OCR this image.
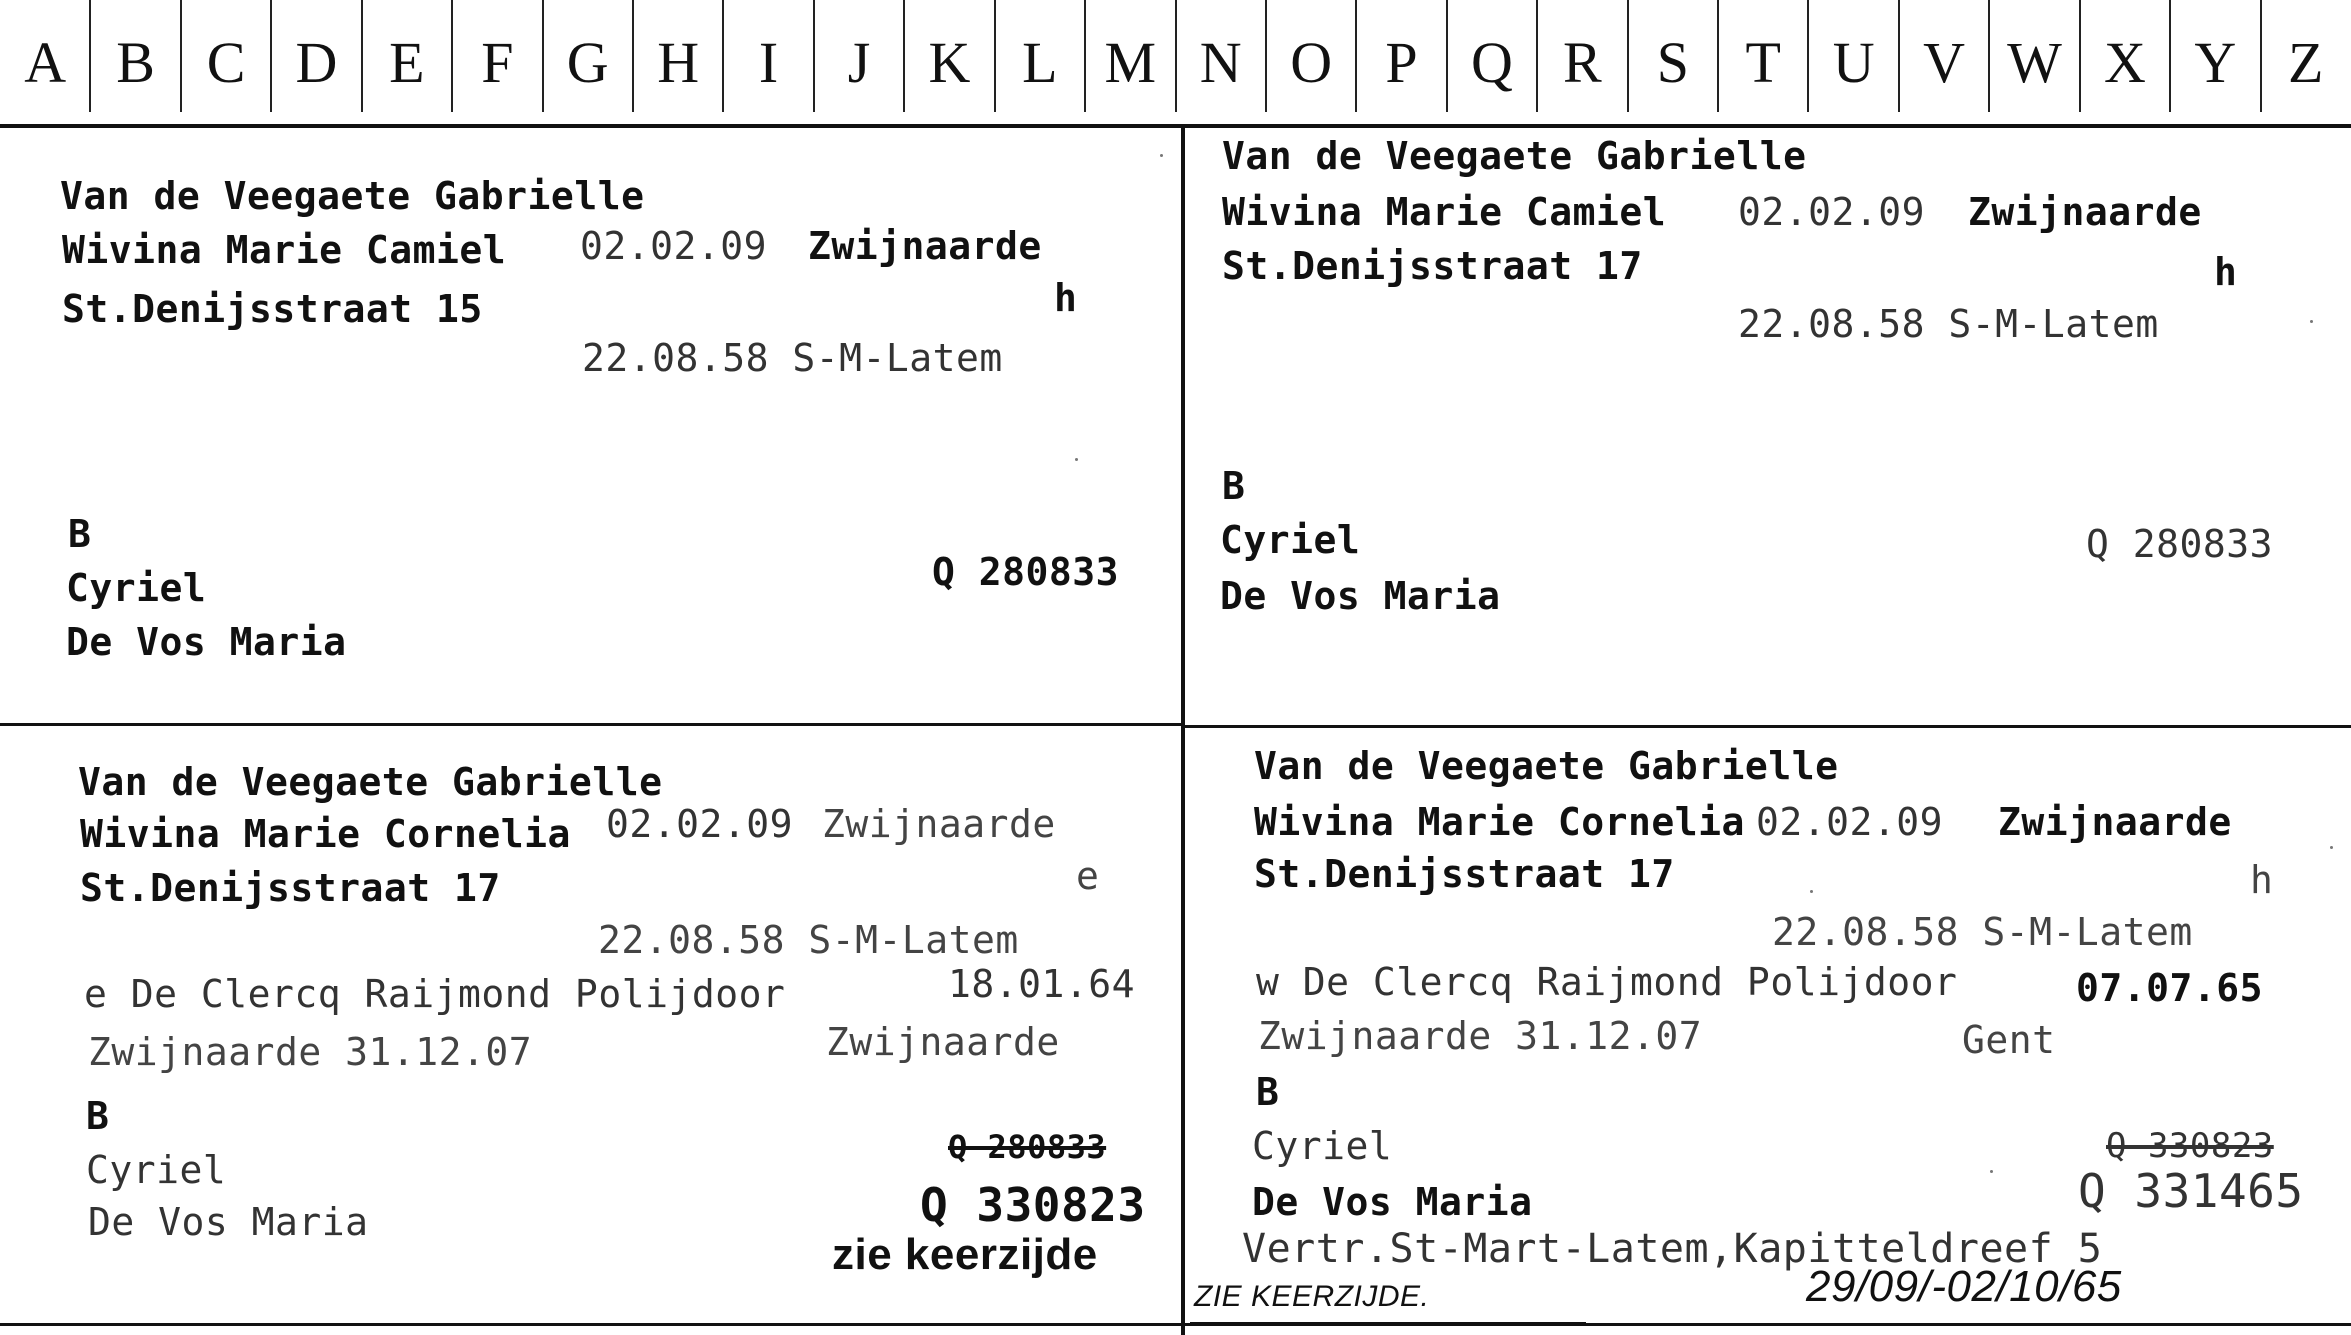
A B C D E F G H	I	J	K L M N O P Q R S T U V W X Y Z
Van de Veegaete Gabrielle
Wivina Marie Camiel 02.02.09 Zwijnaarde
St.Denijsstraat 15	h
22.08.58 S-M-Latem
B
Cyriel	Q 280833
De Vos Maria
Van de Veegaete Gabrielle
Wivina Marie Camiel 02.02.09 Zwijnaarde
St.Denijsstraat 17	h
22.08.58 S-M-Latem
B
Cyriel	Q 280833
De Vos Maria
Van de Veegaete Gabrielle
Wivina Marie Cornelia 02.02.09 Zwijnaarde
St.Denijsstraat 17	e
22.08.58 S-M-Latem
e De Clercq Raijmond Polijdoor	18.01.64
Zwijnaarde 31.12.07	Zwijnaarde
B
Cyriel
Q 280833
De Vos Maria	Q 330823
zie keerzijde
Van de Veegaete Gabrielle
Wivina Marie Cornelia 02.02.09 Zwijnaarde
St.Denijsstraat 17	h
22.08.58 S-M-Latem
w De Clercq Raijmond Polijdoor	07.07.65
Zwijnaarde 31.12.07	Gent
B
Cyriel	Q 330823
De Vos Maria	Q 331465
Vertr.St-Mart-Latem,Kapitteldreef 5
ZIE KEERZIJDE.	29/09/-02/10/65
